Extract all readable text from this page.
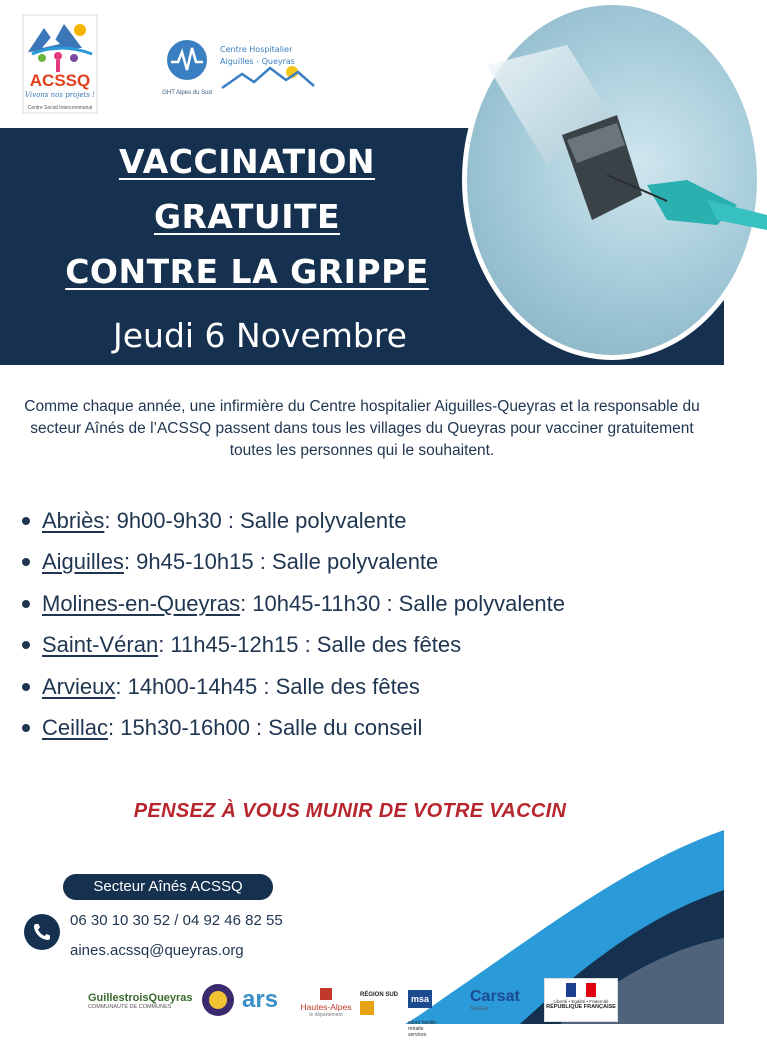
ACSSQ
Vivons nos projets !
Centre Social Intercommunal
GHT Alpes du Sud
Centre Hospitalier
Aiguilles - Queyras
VACCINATION
GRATUITE
CONTRE LA GRIPPE
Jeudi 6 Novembre
Comme chaque année, une infirmière du Centre hospitalier Aiguilles-Queyras et la responsable du secteur Aînés de l’ACSSQ passent dans tous les villages du Queyras pour vacciner gratuitement toutes les personnes qui le souhaitent.
Abriès : 9h00-9h30 : Salle polyvalente
Aiguilles : 9h45-10h15 : Salle polyvalente
Molines-en-Queyras : 10h45-11h30 : Salle polyvalente
Saint-Véran : 11h45-12h15 : Salle des fêtes
Arvieux : 14h00-14h45 : Salle des fêtes
Ceillac : 15h30-16h00 : Salle du conseil
PENSEZ À VOUS MUNIR DE VOTRE VACCIN
Secteur Aînés ACSSQ
06 30 10 30 52 / 04 92 46 82 55
aines.acssq@queyras.org
GuillestroisQueyras
COMMUNAUTÉ DE COMMUNES	ars	Hautes-Alpes
le département
RÉGION SUD	msa santé famille retraite services
Carsat
Sud-Est
Liberté • Égalité • Fraternité
RÉPUBLIQUE FRANÇAISE
